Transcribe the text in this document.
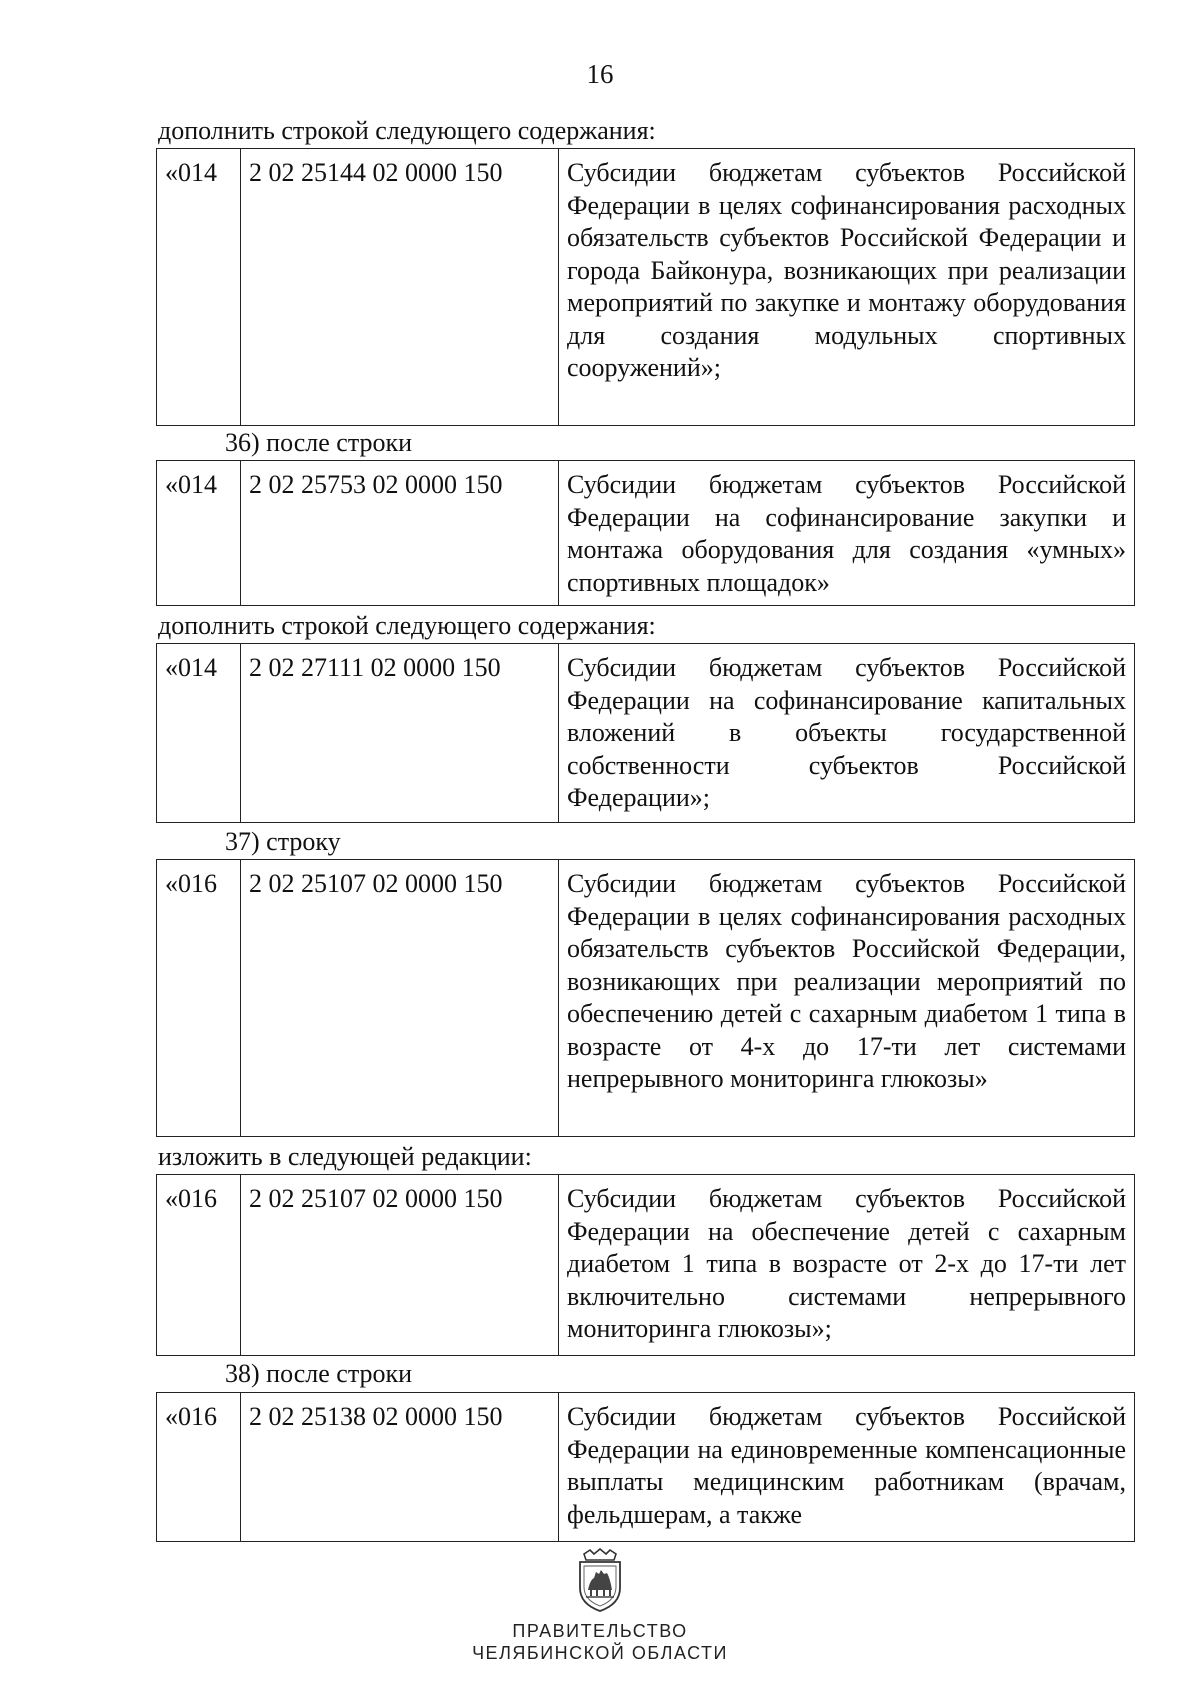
16
дополнить строкой следующего содержания:
«014	2 02 25144 02 0000 150	Субсидии бюджетам субъектов Российской Федерации в целях софинансирования расходных обязательств субъектов Российской Федерации и города Байконура, возникающих при реализации мероприятий по закупке и монтажу оборудования для создания модульных спортивных сооружений»;
36) после строки
«014	2 02 25753 02 0000 150	Субсидии бюджетам субъектов Российской Федерации на софинансирование закупки и монтажа оборудования для создания «умных» спортивных площадок»
дополнить строкой следующего содержания:
«014	2 02 27111 02 0000 150	Субсидии бюджетам субъектов Российской Федерации на софинансирование капитальных вложений в объекты государственной собственности субъектов Российской Федерации»;
37) строку
«016	2 02 25107 02 0000 150	Субсидии бюджетам субъектов Российской Федерации в целях софинансирования расходных обязательств субъектов Российской Федерации, возникающих при реализации мероприятий по обеспечению детей с сахарным диабетом 1 типа в возрасте от 4-х до 17-ти лет системами непрерывного мониторинга глюкозы»
изложить в следующей редакции:
«016	2 02 25107 02 0000 150	Субсидии бюджетам субъектов Российской Федерации на обеспечение детей с сахарным диабетом 1 типа в возрасте от 2-х до 17-ти лет включительно системами непрерывного мониторинга глюкозы»;
38) после строки
«016	2 02 25138 02 0000 150	Субсидии бюджетам субъектов Российской Федерации на единовременные компенсационные выплаты медицинским работникам (врачам, фельдшерам, а также
ПРАВИТЕЛЬСТВО
ЧЕЛЯБИНСКОЙ ОБЛАСТИ
